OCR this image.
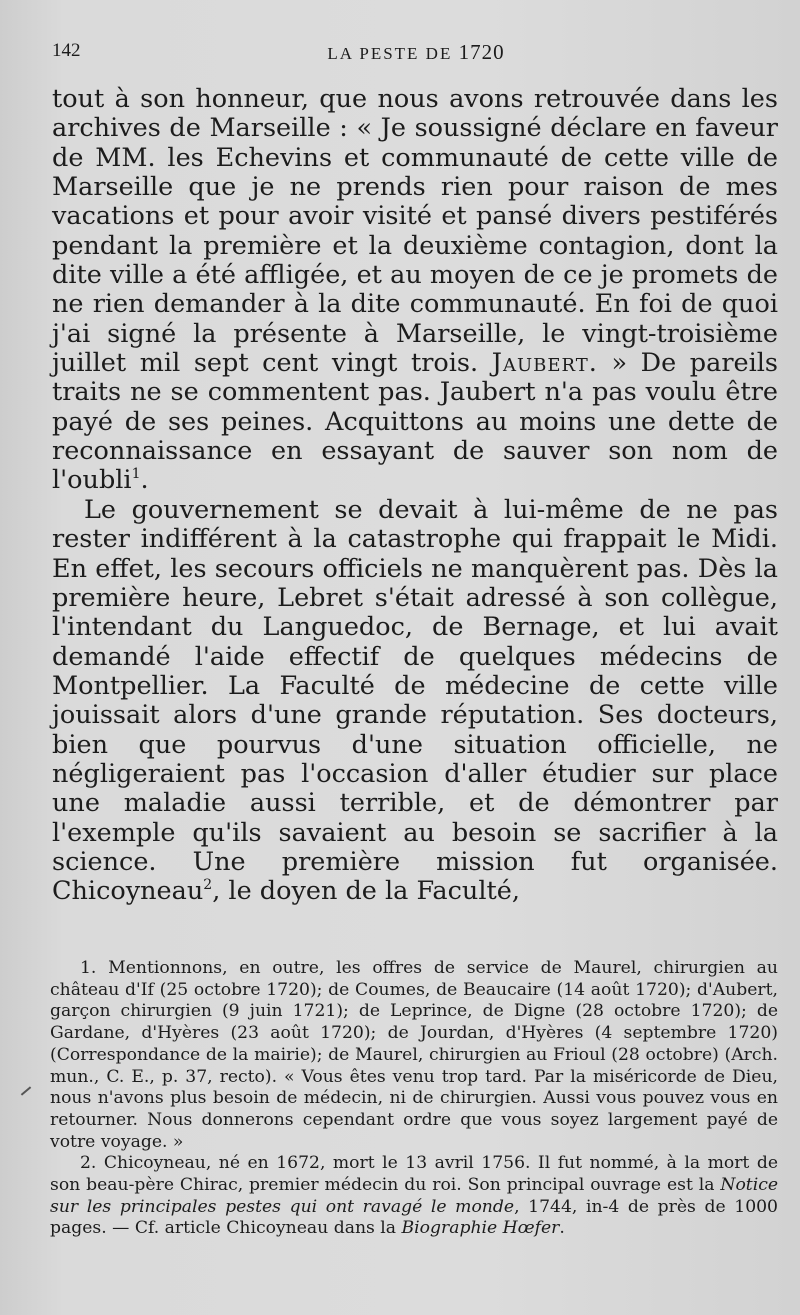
142	LA PESTE DE 1720

tout à son honneur, que nous avons retrouvée dans les archives de Marseille : « Je soussigné déclare en faveur de MM. les Echevins et communauté de cette ville de Marseille que je ne prends rien pour raison de mes vacations et pour avoir visité et pansé divers pestiférés pendant la première et la deuxième contagion, dont la dite ville a été affligée, et au moyen de ce je promets de ne rien demander à la dite communauté. En foi de quoi j'ai signé la présente à Marseille, le vingt-troisième juillet mil sept cent vingt trois. Jaubert. » De pareils traits ne se commentent pas. Jaubert n'a pas voulu être payé de ses peines. Acquittons au moins une dette de reconnaissance en essayant de sauver son nom de l'oubli$^1$.

Le gouvernement se devait à lui-même de ne pas rester indifférent à la catastrophe qui frappait le Midi. En effet, les secours officiels ne manquèrent pas. Dès la première heure, Lebret s'était adressé à son collègue, l'intendant du Languedoc, de Bernage, et lui avait demandé l'aide effectif de quelques médecins de Montpellier. La Faculté de médecine de cette ville jouissait alors d'une grande réputation. Ses docteurs, bien que pourvus d'une situation officielle, ne négligeraient pas l'occasion d'aller étudier sur place une maladie aussi terrible, et de démontrer par l'exemple qu'ils savaient au besoin se sacrifier à la science. Une première mission fut organisée. Chicoyneau$^2$, le doyen de la Faculté,

1. Mentionnons, en outre, les offres de service de Maurel, chirurgien au château d'If (25 octobre 1720); de Coumes, de Beaucaire (14 août 1720); d'Aubert, garçon chirurgien (9 juin 1721); de Leprince, de Digne (28 octobre 1720); de Gardane, d'Hyères (23 août 1720); de Jourdan, d'Hyères (4 septembre 1720) (Correspondance de la mairie); de Maurel, chirurgien au Frioul (28 octobre) (Arch. mun., C. E., p. 37, recto). « Vous êtes venu trop tard. Par la miséricorde de Dieu, nous n'avons plus besoin de médecin, ni de chirurgien. Aussi vous pouvez vous en retourner. Nous donnerons cependant ordre que vous soyez largement payé de votre voyage. »

2. Chicoyneau, né en 1672, mort le 13 avril 1756. Il fut nommé, à la mort de son beau-père Chirac, premier médecin du roi. Son principal ouvrage est la Notice sur les principales pestes qui ont ravagé le monde, 1744, in-4 de près de 1000 pages. — Cf. article Chicoyneau dans la Biographie Hœfer.
